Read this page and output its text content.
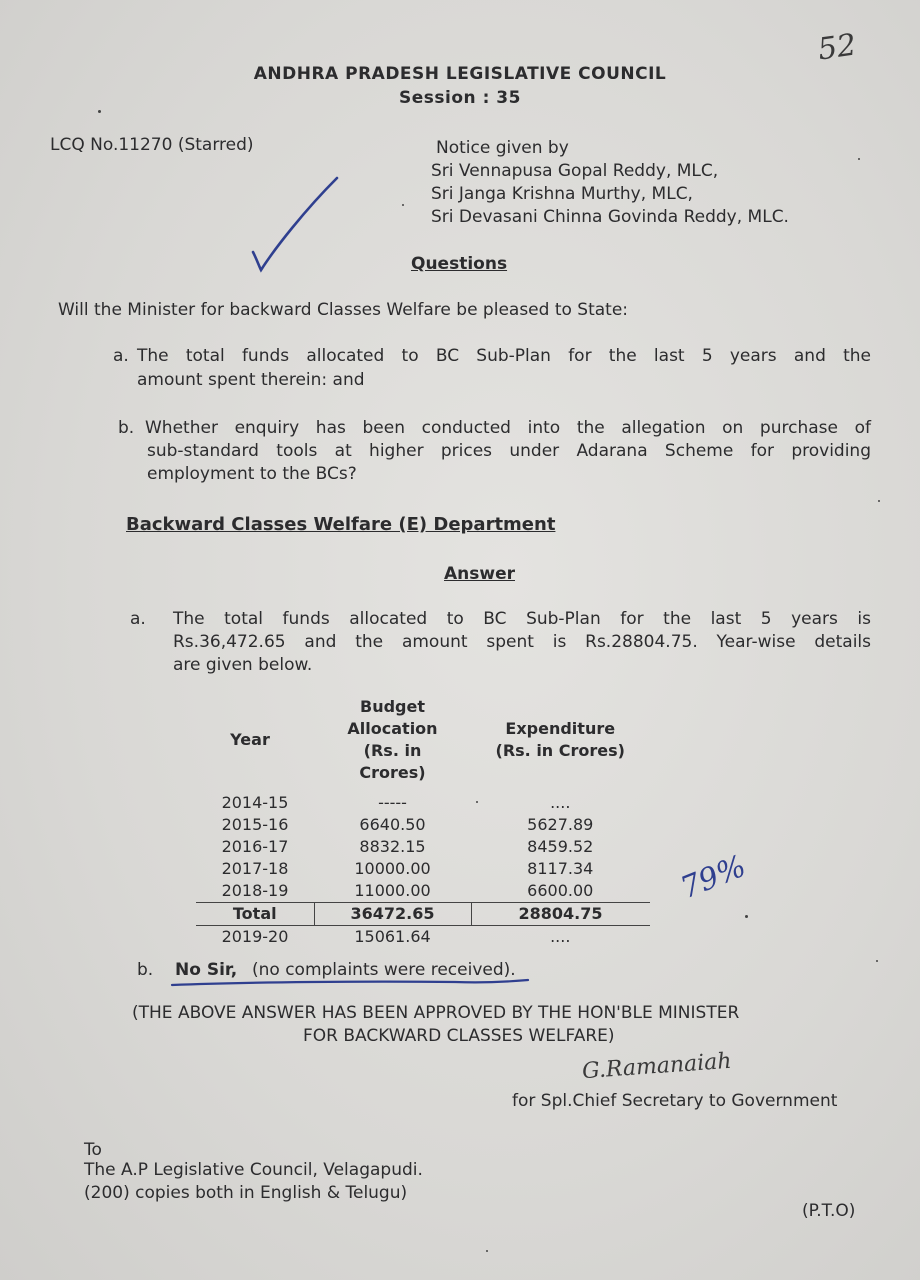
52
ANDHRA PRADESH LEGISLATIVE COUNCIL
Session : 35
LCQ No.11270 (Starred)	Notice given by
Sri Vennapusa Gopal Reddy, MLC,
Sri Janga Krishna Murthy, MLC,
Sri Devasani Chinna Govinda Reddy, MLC.
Questions
Will the Minister for backward Classes Welfare be pleased to State:
a. The total funds allocated to BC Sub-Plan for the last 5 years and the
amount spent therein: and
b. Whether enquiry has been conducted into the allegation on purchase of
sub-standard tools at higher prices under Adarana Scheme for providing
employment to the BCs?
Backward Classes Welfare (E) Department
Answer
a. The total funds allocated to BC Sub-Plan for the last 5 years is
Rs.36,472.65 and the amount spent is Rs.28804.75. Year-wise details
are given below.
Year	Budget Allocation (Rs. in Crores)	Expenditure (Rs. in Crores)

2014-15	-----	....
2015-16	6640.50	5627.89
2016-17	8832.15	8459.52
2017-18	10000.00	8117.34
2018-19	11000.00	6600.00
Total	36472.65	28804.75
2019-20	15061.64	....
79%
b. No Sir, (no complaints were received).
(THE ABOVE ANSWER HAS BEEN APPROVED BY THE HON'BLE MINISTER
FOR BACKWARD CLASSES WELFARE)
G.Ramanaiah
for Spl.Chief Secretary to Government
To
The A.P Legislative Council, Velagapudi.
(200) copies both in English & Telugu)
(P.T.O)
